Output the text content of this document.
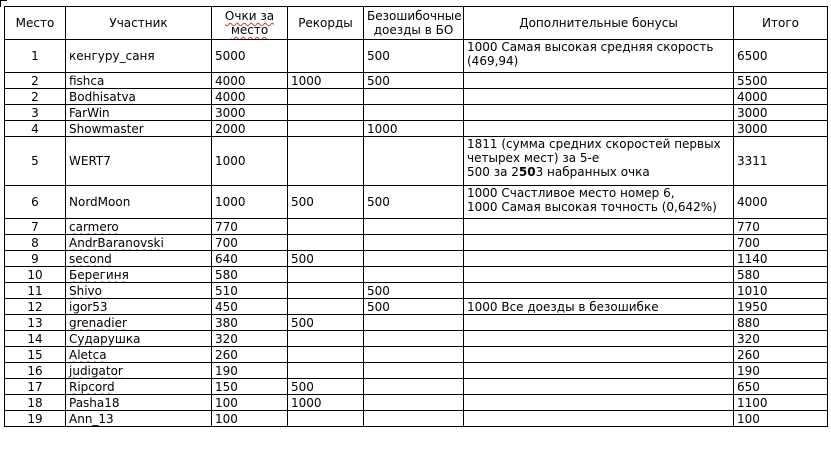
Место	Участник	Очки за место	Рекорды	Безошибочные доезды в БО	Дополнительные бонусы	Итого
1	кенгуру_саня	5000		500	1000 Самая высокая средняя скорость
(469,94)	6500
2	fishca	4000	1000	500		5500
2	Bodhisatva	4000				4000
3	FarWin	3000				3000
4	Showmaster	2000		1000		3000
5	WERT7	1000			1811 (сумма средних скоростей первых
четырех мест) за 5-е
500 за 2503 набранных очка	3311
6	NordMoon	1000	500	500	1000 Счастливое место номер 6,
1000 Самая высокая точность (0,642%)	4000
7	carmero	770				770
8	AndrBaranovski	700				700
9	second	640	500			1140
10	Берегиня	580				580
11	Shivo	510		500		1010
12	igor53	450		500	1000 Все доезды в безошибке	1950
13	grenadier	380	500			880
14	Сударушка	320				320
15	Aletca	260				260
16	judigator	190				190
17	Ripcord	150	500			650
18	Pasha18	100	1000			1100
19	Ann_13	100				100
